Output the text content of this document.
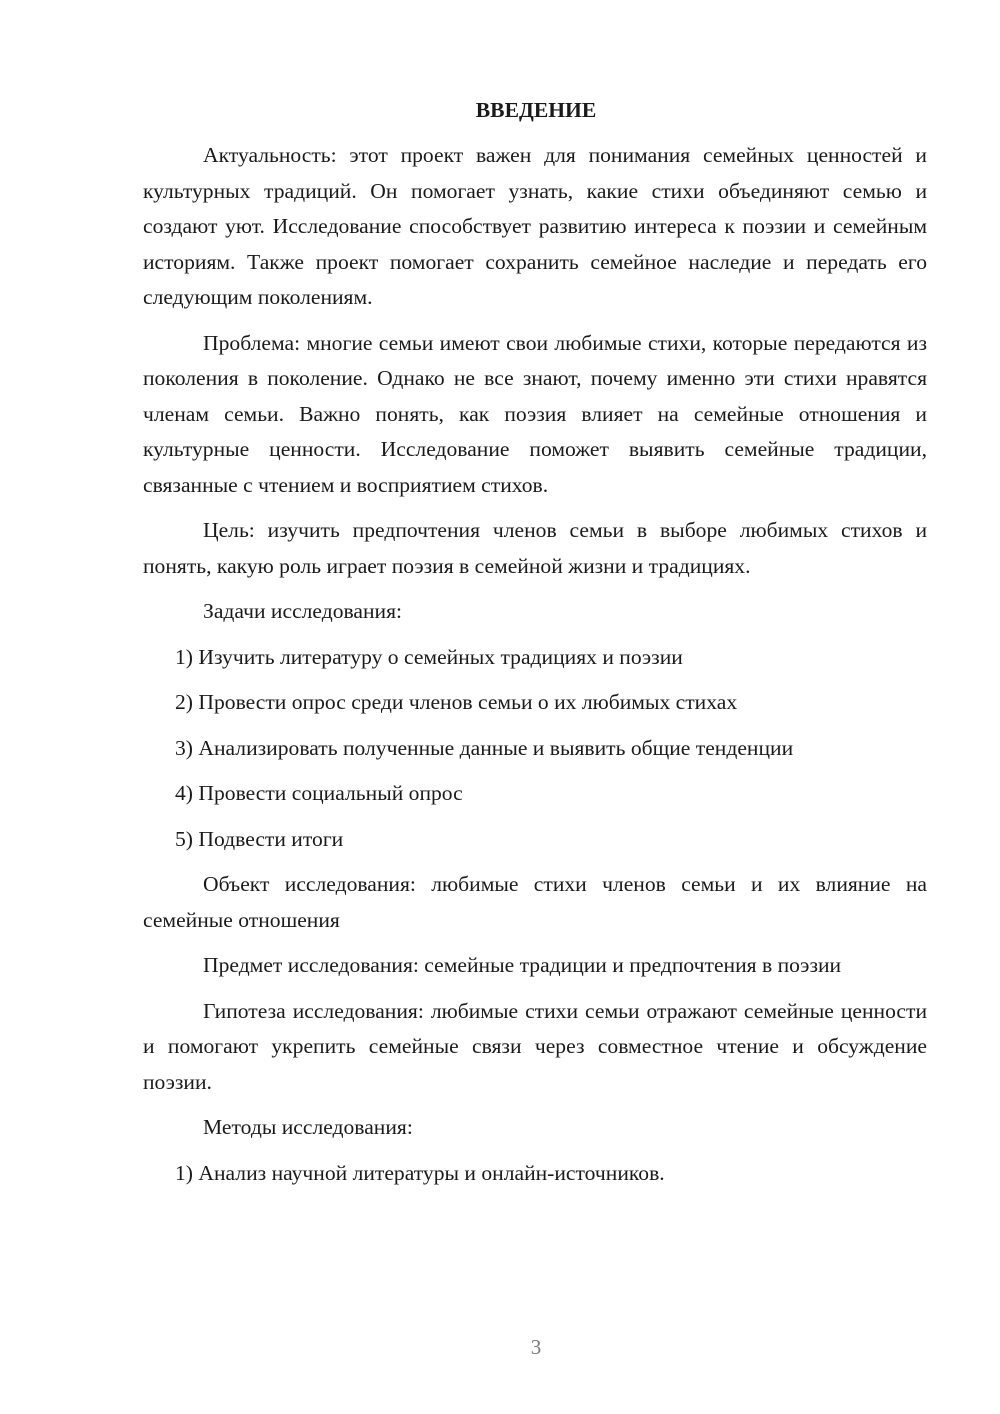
ВВЕДЕНИЕ

Актуальность: этот проект важен для понимания семейных ценностей и культурных традиций. Он помогает узнать, какие стихи объединяют семью и создают уют. Исследование способствует развитию интереса к поэзии и семейным историям. Также проект помогает сохранить семейное наследие и передать его следующим поколениям.

Проблема: многие семьи имеют свои любимые стихи, которые передаются из поколения в поколение. Однако не все знают, почему именно эти стихи нравятся членам семьи. Важно понять, как поэзия влияет на семейные отношения и культурные ценности. Исследование поможет выявить семейные традиции, связанные с чтением и восприятием стихов.

Цель: изучить предпочтения членов семьи в выборе любимых стихов и понять, какую роль играет поэзия в семейной жизни и традициях.

Задачи исследования:

1) Изучить литературу о семейных традициях и поэзии

2) Провести опрос среди членов семьи о их любимых стихах

3) Анализировать полученные данные и выявить общие тенденции

4) Провести социальный опрос

5) Подвести итоги

Объект исследования: любимые стихи членов семьи и их влияние на семейные отношения

Предмет исследования: семейные традиции и предпочтения в поэзии

Гипотеза исследования: любимые стихи семьи отражают семейные ценности и помогают укрепить семейные связи через совместное чтение и обсуждение поэзии.

Методы исследования:

1) Анализ научной литературы и онлайн-источников.

3
